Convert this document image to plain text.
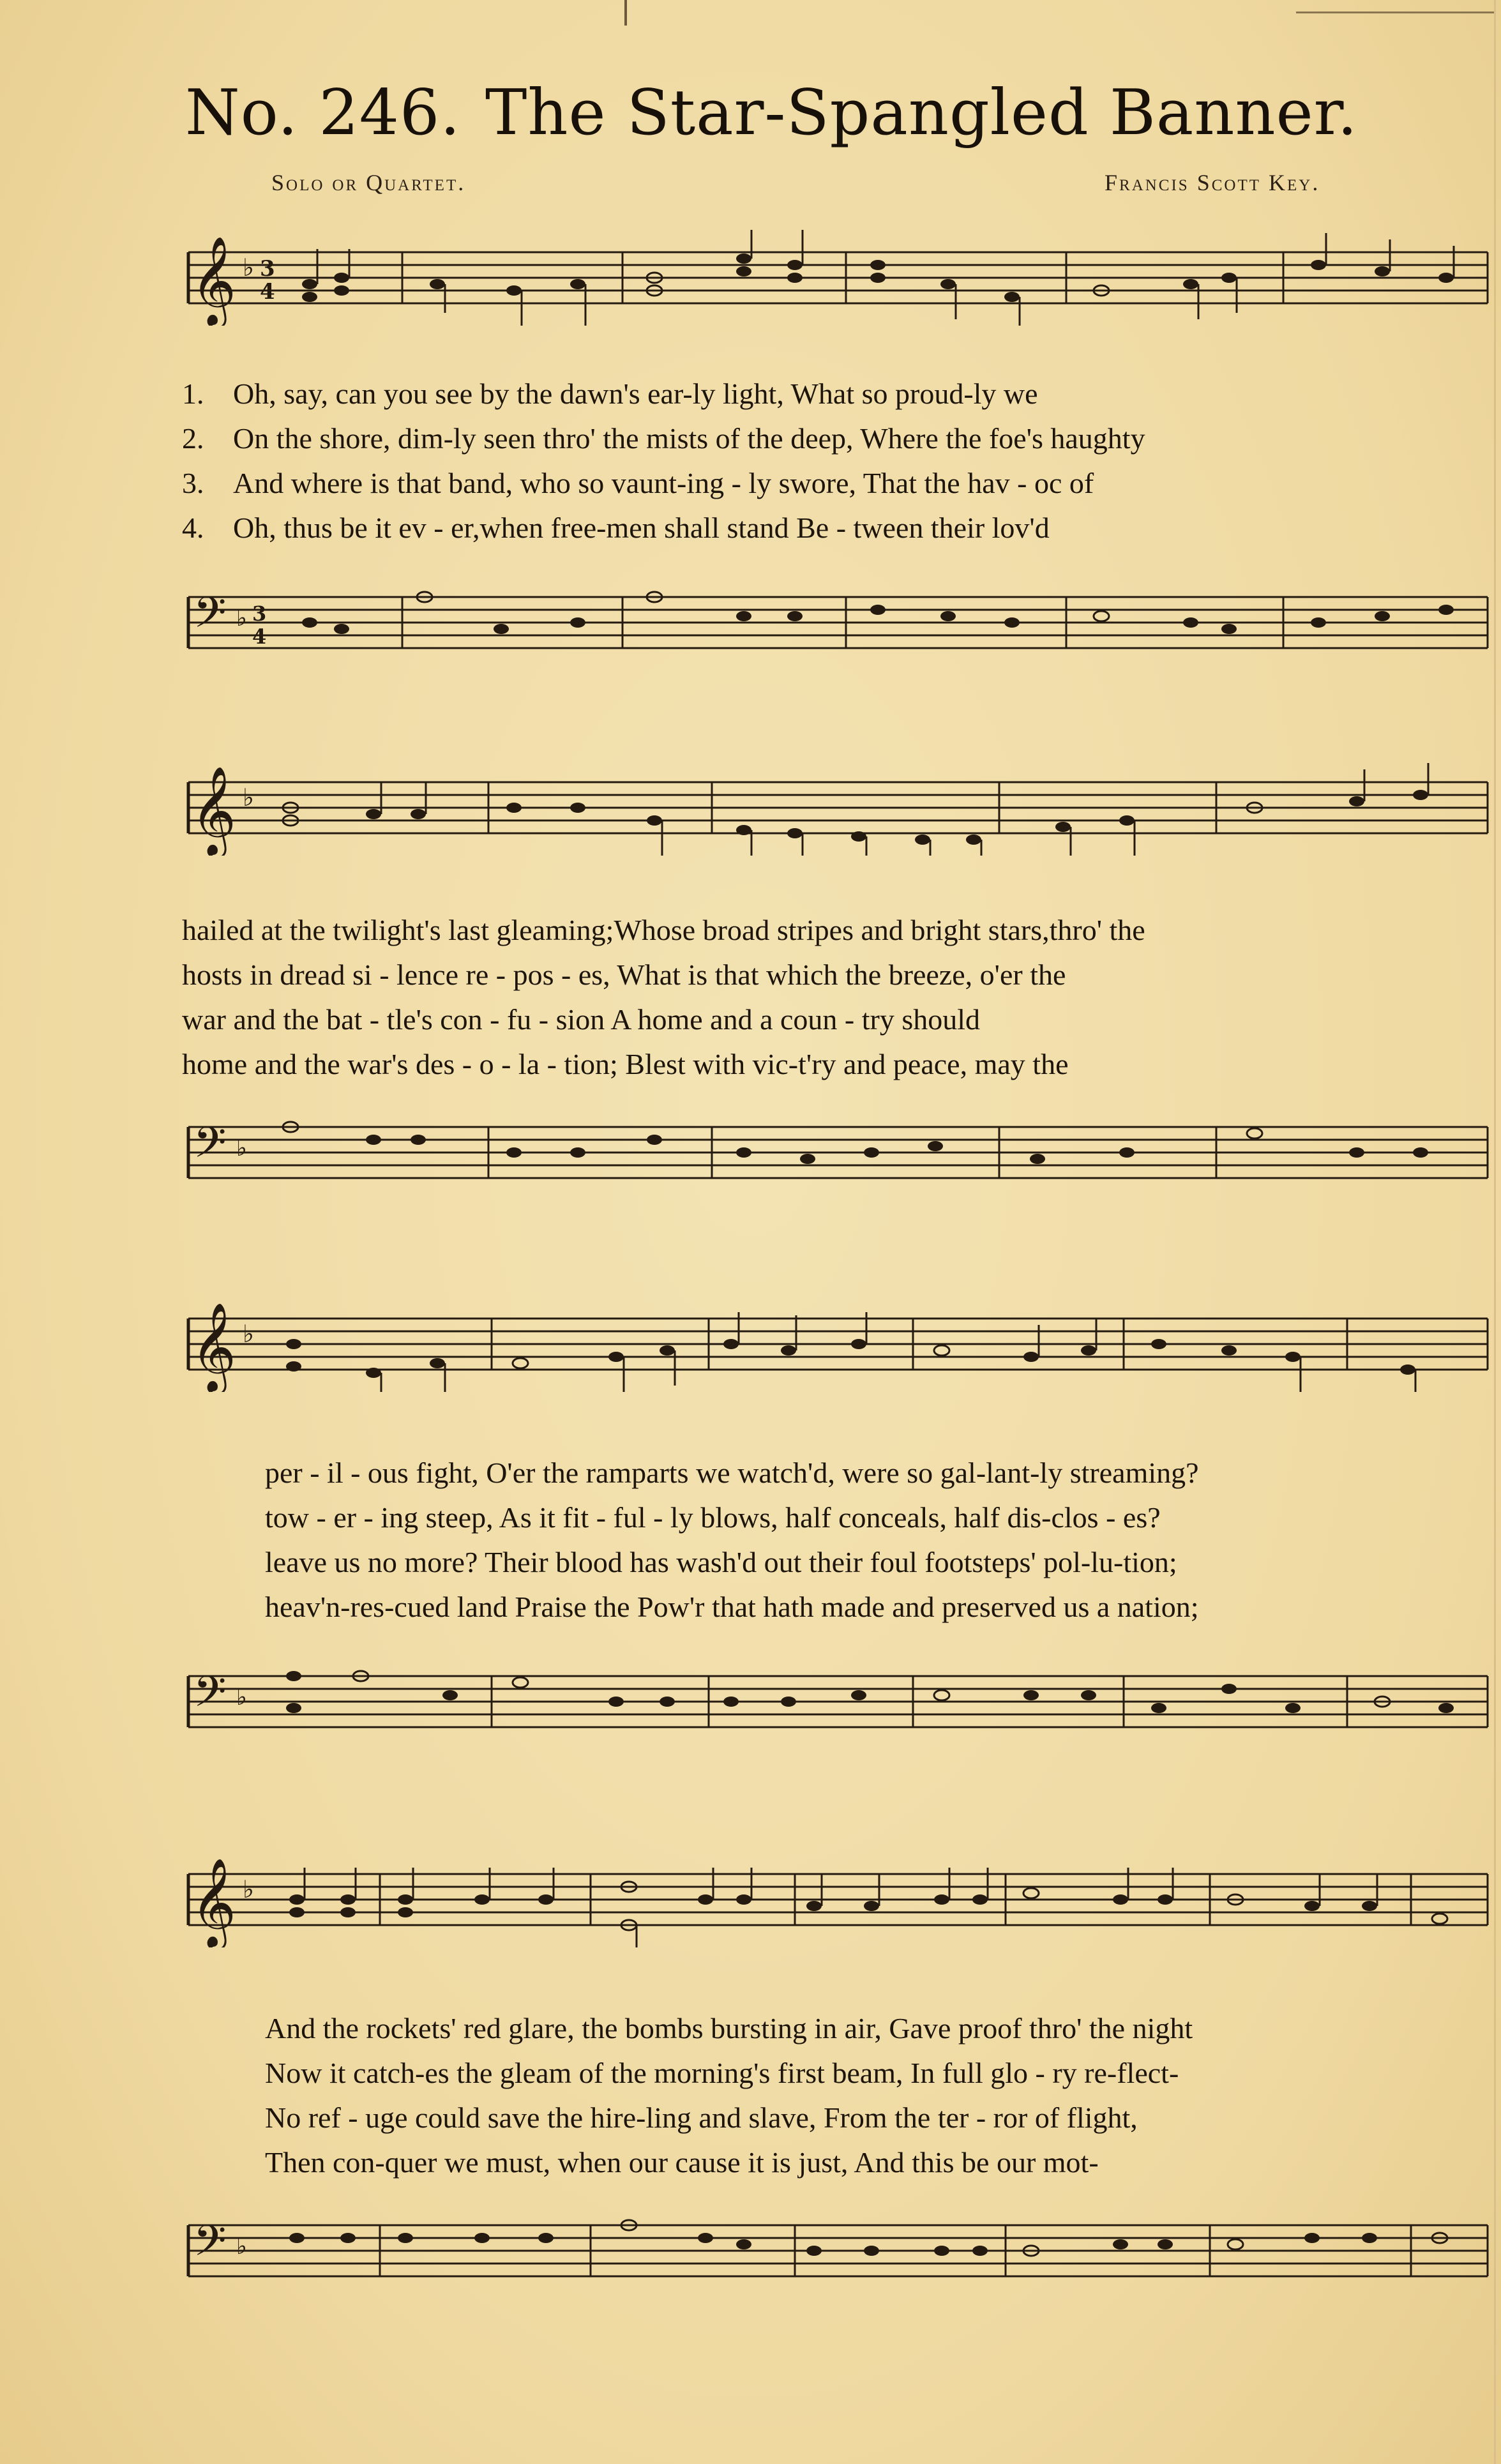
No. 246. The Star-Spangled Banner.
Solo or Quartet.	Francis Scott Key.
𝄞 ♭ 3
4
1. Oh, say, can you see by the dawn's ear-ly light, What so proud-ly we
2. On the shore, dim-ly seen thro' the mists of the deep, Where the foe's haughty
3. And where is that band, who so vaunt-ing - ly swore, That the hav - oc of
4. Oh, thus be it ev - er,when free-men shall stand Be - tween their lov'd
𝄢 ♭ 3
4
𝄞 ♭
hailed at the twilight's last gleaming;Whose broad stripes and bright stars,thro' the
hosts in dread si - lence re - pos - es, What is that which the breeze, o'er the
war and the bat - tle's con - fu - sion A home and a coun - try should
home and the war's des - o - la - tion; Blest with vic-t'ry and peace, may the
𝄢 ♭
𝄞 ♭
per - il - ous fight, O'er the ramparts we watch'd, were so gal-lant-ly streaming?
tow - er - ing steep, As it fit - ful - ly blows, half conceals, half dis-clos - es?
leave us no more? Their blood has wash'd out their foul footsteps' pol-lu-tion;
heav'n-res-cued land Praise the Pow'r that hath made and preserved us a nation;
𝄢 ♭
𝄞 ♭
And the rockets' red glare, the bombs bursting in air, Gave proof thro' the night
Now it catch-es the gleam of the morning's first beam, In full glo - ry re-flect-
No ref - uge could save the hire-ling and slave, From the ter - ror of flight,
Then con-quer we must, when our cause it is just, And this be our mot-
𝄢 ♭
